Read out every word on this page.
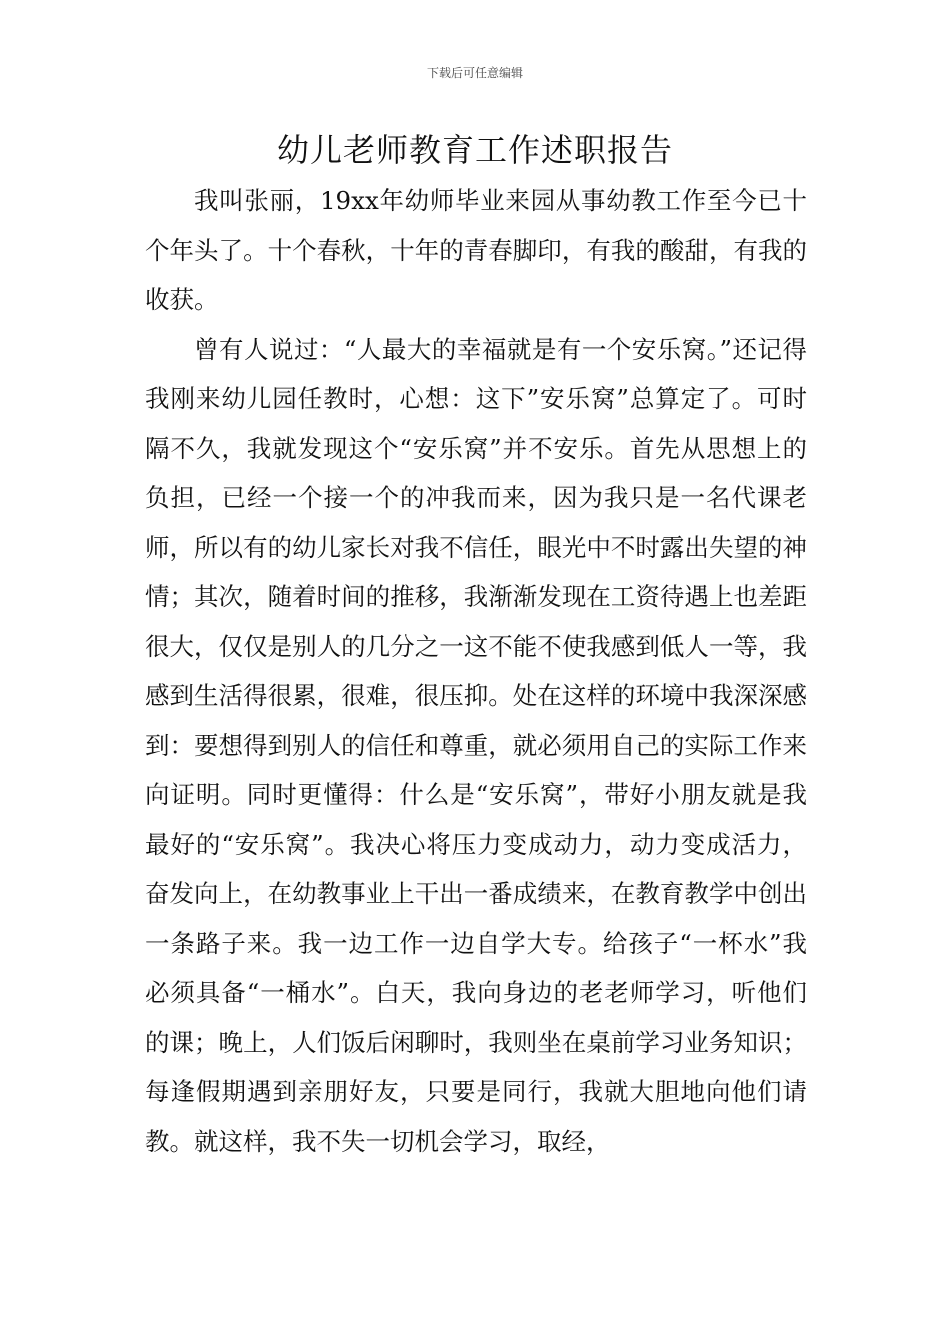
下载后可任意编辑
幼儿老师教育工作述职报告

我叫张丽，19xx年幼师毕业来园从事幼教工作至今已十个年头了。十个春秋，十年的青春脚印，有我的酸甜，有我的收获。

曾有人说过：“人最大的幸福就是有一个安乐窝。”还记得我刚来幼儿园任教时，心想：这下”安乐窝”总算定了。可时隔不久，我就发现这个“安乐窝”并不安乐。首先从思想上的负担，已经一个接一个的冲我而来，因为我只是一名代课老师，所以有的幼儿家长对我不信任，眼光中不时露出失望的神情；其次，随着时间的推移，我渐渐发现在工资待遇上也差距很大，仅仅是别人的几分之一这不能不使我感到低人一等，我感到生活得很累，很难，很压抑。处在这样的环境中我深深感到：要想得到别人的信任和尊重，就必须用自己的实际工作来向证明。同时更懂得：什么是“安乐窝”，带好小朋友就是我最好的“安乐窝”。我决心将压力变成动力，动力变成活力，奋发向上，在幼教事业上干出一番成绩来，在教育教学中创出一条路子来。我一边工作一边自学大专。给孩子“一杯水”我必须具备“一桶水”。白天，我向身边的老老师学习，听他们的课；晚上，人们饭后闲聊时，我则坐在桌前学习业务知识；每逢假期遇到亲朋好友，只要是同行，我就大胆地向他们请教。就这样，我不失一切机会学习，取经，
